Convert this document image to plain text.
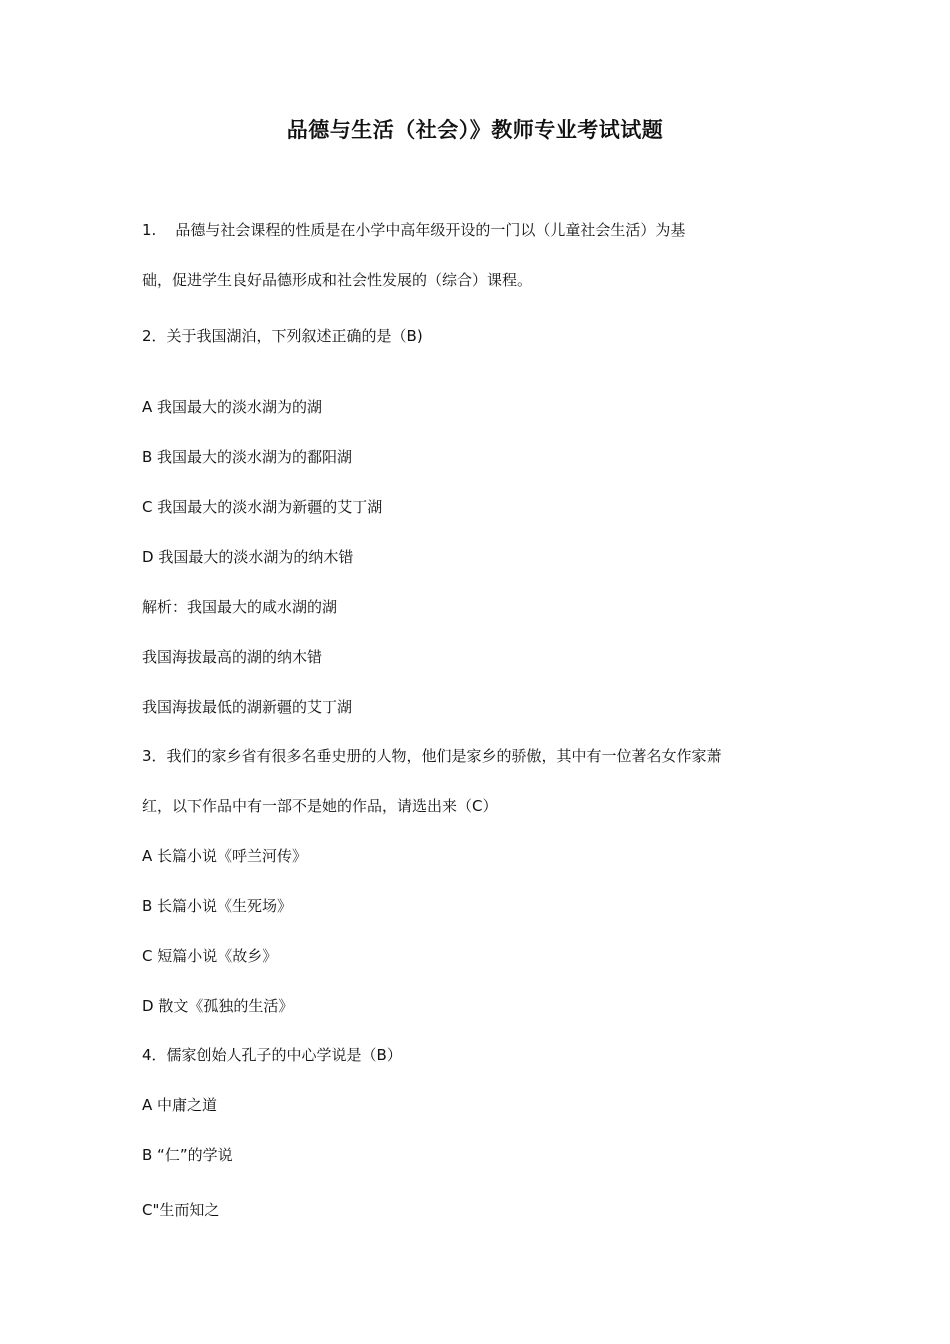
品德与生活（社会）》教师专业考试试题
1.    品德与社会课程的性质是在小学中高年级开设的一门以（儿童社会生活）为基
础，促进学生良好品德形成和社会性发展的（综合）课程。
2．关于我国湖泊，下列叙述正确的是（B)
A 我国最大的淡水湖为的湖
B 我国最大的淡水湖为的鄱阳湖
C 我国最大的淡水湖为新疆的艾丁湖
D 我国最大的淡水湖为的纳木错
解析：我国最大的咸水湖的湖
我国海拔最高的湖的纳木错
我国海拔最低的湖新疆的艾丁湖
3．我们的家乡省有很多名垂史册的人物，他们是家乡的骄傲，其中有一位著名女作家萧
红，以下作品中有一部不是她的作品，请选出来（C）
A 长篇小说《呼兰河传》
B 长篇小说《生死场》
C 短篇小说《故乡》
D 散文《孤独的生活》
4．儒家创始人孔子的中心学说是（B）
A 中庸之道
B “仁”的学说
C"生而知之
